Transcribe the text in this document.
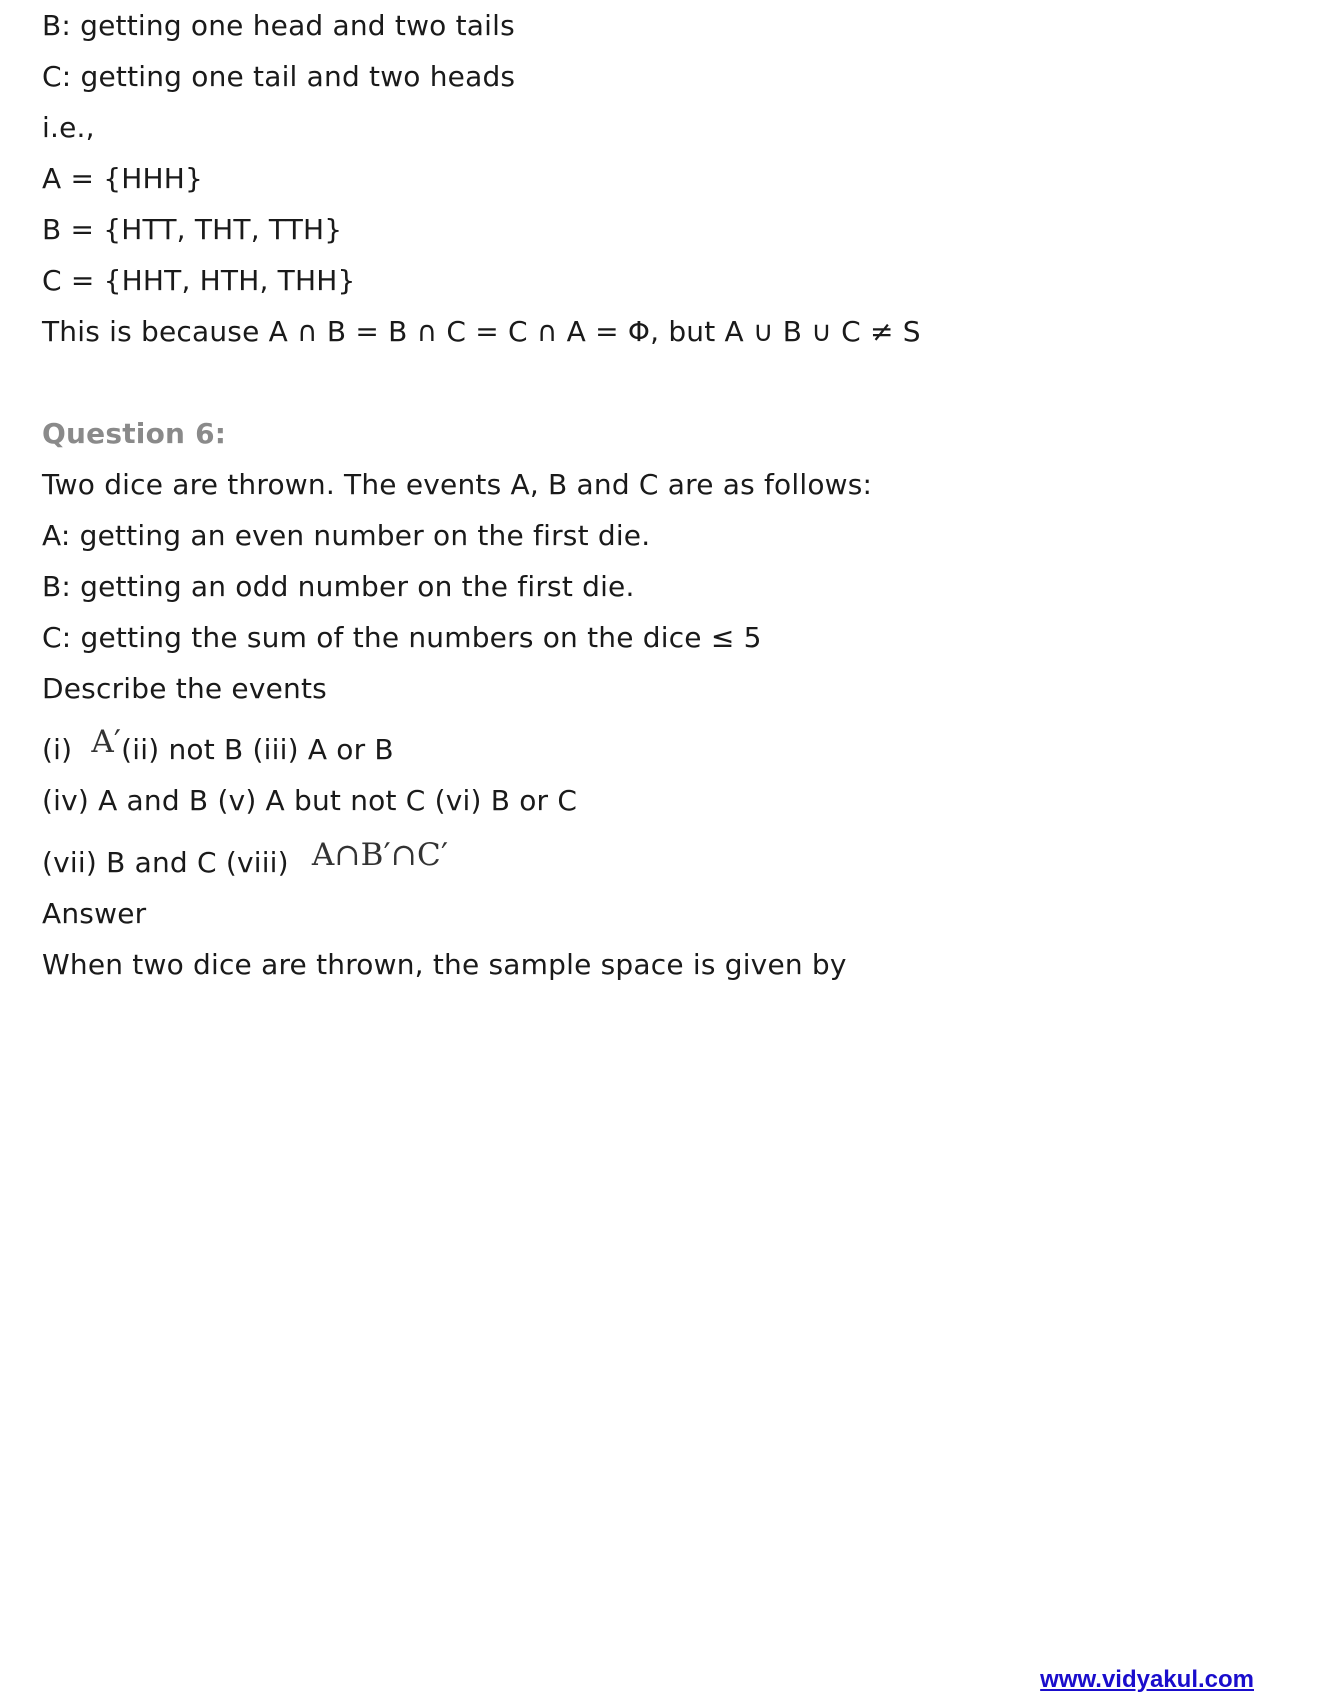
B: getting one head and two tails
C: getting one tail and two heads
i.e.,
A = {HHH}
B = {HTT, THT, TTH}
C = {HHT, HTH, THH}
This is because A ∩ B = B ∩ C = C ∩ A = Φ, but A ∪ B ∪ C ≠ S
Question 6:
Two dice are thrown. The events A, B and C are as follows:
A: getting an even number on the first die.
B: getting an odd number on the first die.
C: getting the sum of the numbers on the dice ≤ 5
Describe the events
(i) A′(ii) not B (iii) A or B
(iv) A and B (v) A but not C (vi) B or C
(vii) B and C (viii) A∩B′∩C′
Answer
When two dice are thrown, the sample space is given by
www.vidyakul.com
